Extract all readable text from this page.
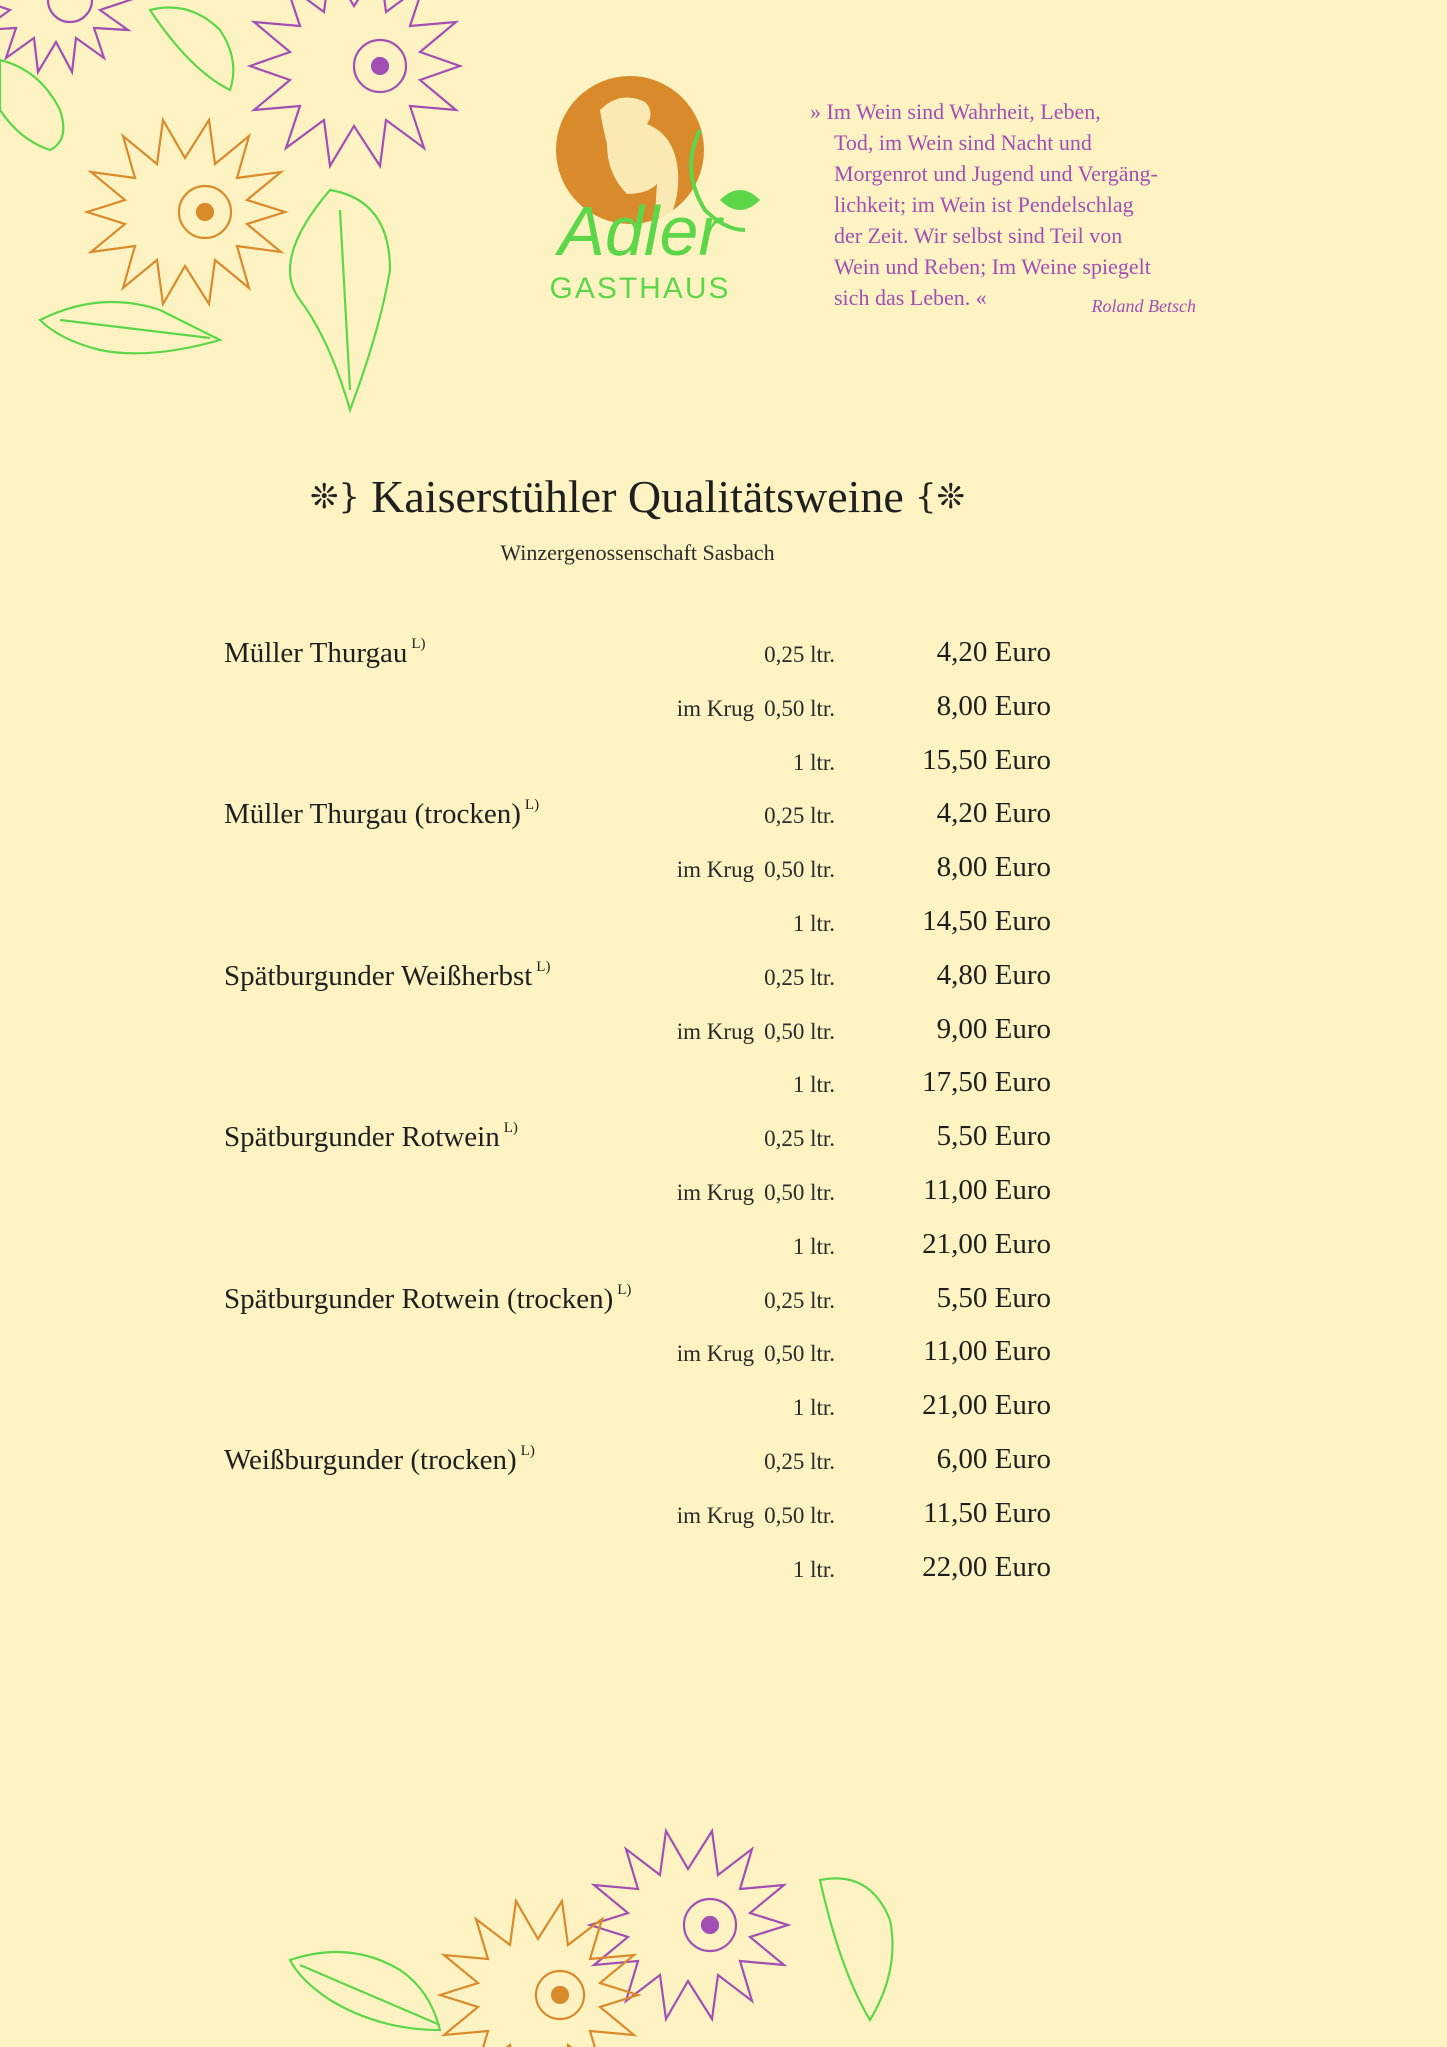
Adler
GASTHAUS
» Im Wein sind Wahrheit, Leben,
Tod, im Wein sind Nacht und
Morgenrot und Jugend und Vergäng-
lichkeit; im Wein ist Pendelschlag
der Zeit. Wir selbst sind Teil von
Wein und Reben; Im Weine spiegelt
sich das Leben. «	Roland Betsch
❊} Kaiserstühler Qualitätsweine {❊
Winzergenossenschaft Sasbach
Müller Thurgau $^{L)}$	0,25 ltr.	4,20 Euro
im Krug 0,50 ltr.	8,00 Euro
1 ltr.	15,50 Euro
Müller Thurgau (trocken) $^{L)}$	0,25 ltr.	4,20 Euro
im Krug 0,50 ltr.	8,00 Euro
1 ltr.	14,50 Euro
Spätburgunder Weißherbst $^{L)}$	0,25 ltr.	4,80 Euro
im Krug 0,50 ltr.	9,00 Euro
1 ltr.	17,50 Euro
Spätburgunder Rotwein $^{L)}$	0,25 ltr.	5,50 Euro
im Krug 0,50 ltr.	11,00 Euro
1 ltr.	21,00 Euro
Spätburgunder Rotwein (trocken) $^{L)}$	0,25 ltr.	5,50 Euro
im Krug 0,50 ltr.	11,00 Euro
1 ltr.	21,00 Euro
Weißburgunder (trocken) $^{L)}$	0,25 ltr.	6,00 Euro
im Krug 0,50 ltr.	11,50 Euro
1 ltr.	22,00 Euro
